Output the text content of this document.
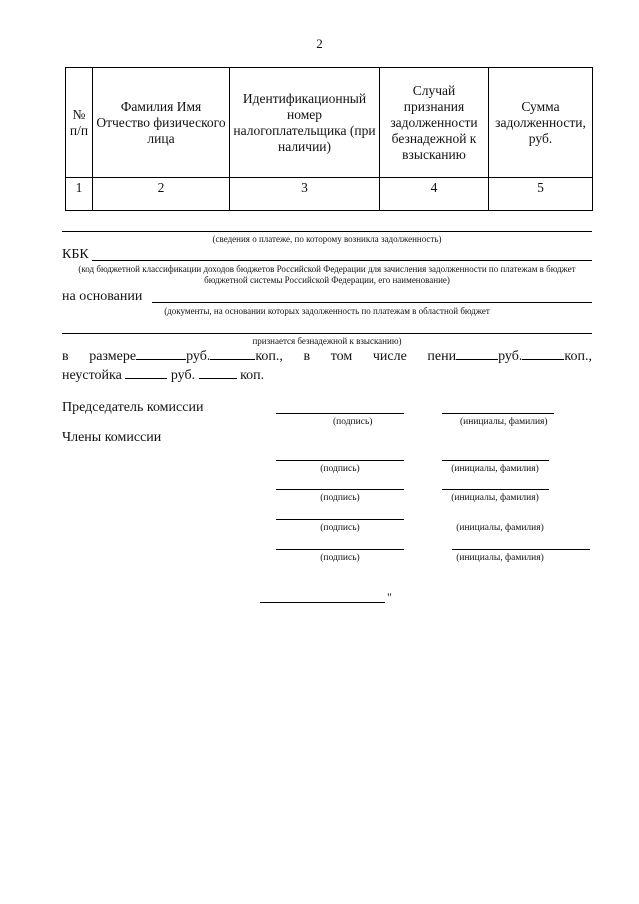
2
№ п/п	Фамилия Имя Отчество физического лица	Идентификационный номер налогоплательщика (при наличии)	Случай признания задолженности безнадежной к взысканию	Сумма задолженности, руб.
1	2	3	4	5
(сведения о платеже, по которому возникла задолженность)
КБК
(код бюджетной классификации доходов бюджетов Российской Федерации для зачисления задолженности по платежам в бюджет бюджетной системы Российской Федерации, его наименование)
на основании
(документы, на основании которых задолженность по платежам в областной бюджет
признается безнадежной к взысканию)
в размере	руб.	коп., в том числе пени	руб.	коп.,
неустойка	руб.	коп.
Председатель комиссии
(подпись)	(инициалы, фамилия)
Члены комиссии
(подпись)	(инициалы, фамилия)
(подпись)	(инициалы, фамилия)
(подпись)	(инициалы, фамилия)
(подпись)	(инициалы, фамилия)
"
